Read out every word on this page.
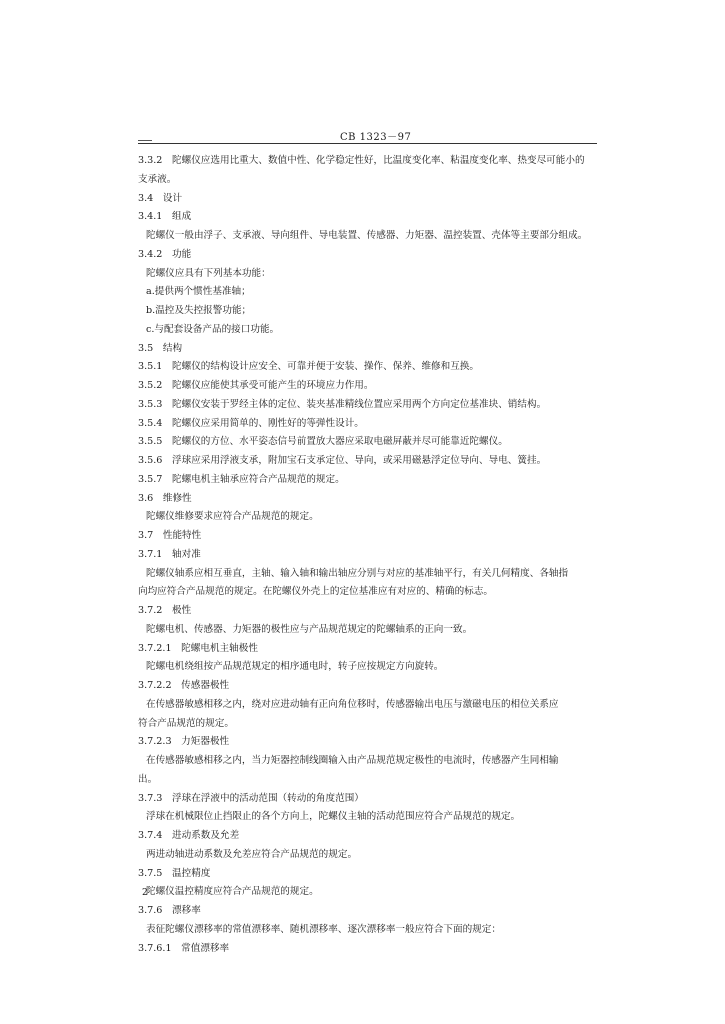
CB 1323－97
3.3.2　陀螺仪应选用比重大、数值中性、化学稳定性好，比温度变化率、粘温度变化率、热变尽可能小的
支承液。
3.4　设计
3.4.1　组成
陀螺仪一般由浮子、支承液、导向组件、导电装置、传感器、力矩器、温控装置、壳体等主要部分组成。
3.4.2　功能
陀螺仪应具有下列基本功能：
a.提供两个惯性基准轴；
b.温控及失控报警功能；
c.与配套设备产品的接口功能。
3.5　结构
3.5.1　陀螺仪的结构设计应安全、可靠并便于安装、操作、保养、维修和互换。
3.5.2　陀螺仪应能使其承受可能产生的环境应力作用。
3.5.3　陀螺仪安装于罗经主体的定位、装夹基准精线位置应采用两个方向定位基准块、销结构。
3.5.4　陀螺仪应采用简单的、刚性好的等弹性设计。
3.5.5　陀螺仪的方位、水平姿态信号前置放大器应采取电磁屏蔽并尽可能靠近陀螺仪。
3.5.6　浮球应采用浮液支承，附加宝石支承定位、导向，或采用磁悬浮定位导向、导电、簧挂。
3.5.7　陀螺电机主轴承应符合产品规范的规定。
3.6　维修性
陀螺仪维修要求应符合产品规范的规定。
3.7　性能特性
3.7.1　轴对准
陀螺仪轴系应相互垂直，主轴、输入轴和输出轴应分别与对应的基准轴平行，有关几何精度、各轴指
向均应符合产品规范的规定。在陀螺仪外壳上的定位基准应有对应的、精确的标志。
3.7.2　极性
陀螺电机、传感器、力矩器的极性应与产品规范规定的陀螺轴系的正向一致。
3.7.2.1　陀螺电机主轴极性
陀螺电机绕组按产品规范规定的相序通电时，转子应按规定方向旋转。
3.7.2.2　传感器极性
在传感器敏感相移之内，绕对应进动轴有正向角位移时，传感器输出电压与激磁电压的相位关系应
符合产品规范的规定。
3.7.2.3　力矩器极性
在传感器敏感相移之内，当力矩器控制线圈输入由产品规范规定极性的电流时，传感器产生同相输
出。
3.7.3　浮球在浮液中的活动范围（转动的角度范围）
浮球在机械限位止挡限止的各个方向上，陀螺仪主轴的活动范围应符合产品规范的规定。
3.7.4　进动系数及允差
两进动轴进动系数及允差应符合产品规范的规定。
3.7.5　温控精度
陀螺仪温控精度应符合产品规范的规定。
3.7.6　漂移率
表征陀螺仪漂移率的常值漂移率、随机漂移率、逐次漂移率一般应符合下面的规定：
3.7.6.1　常值漂移率
2
